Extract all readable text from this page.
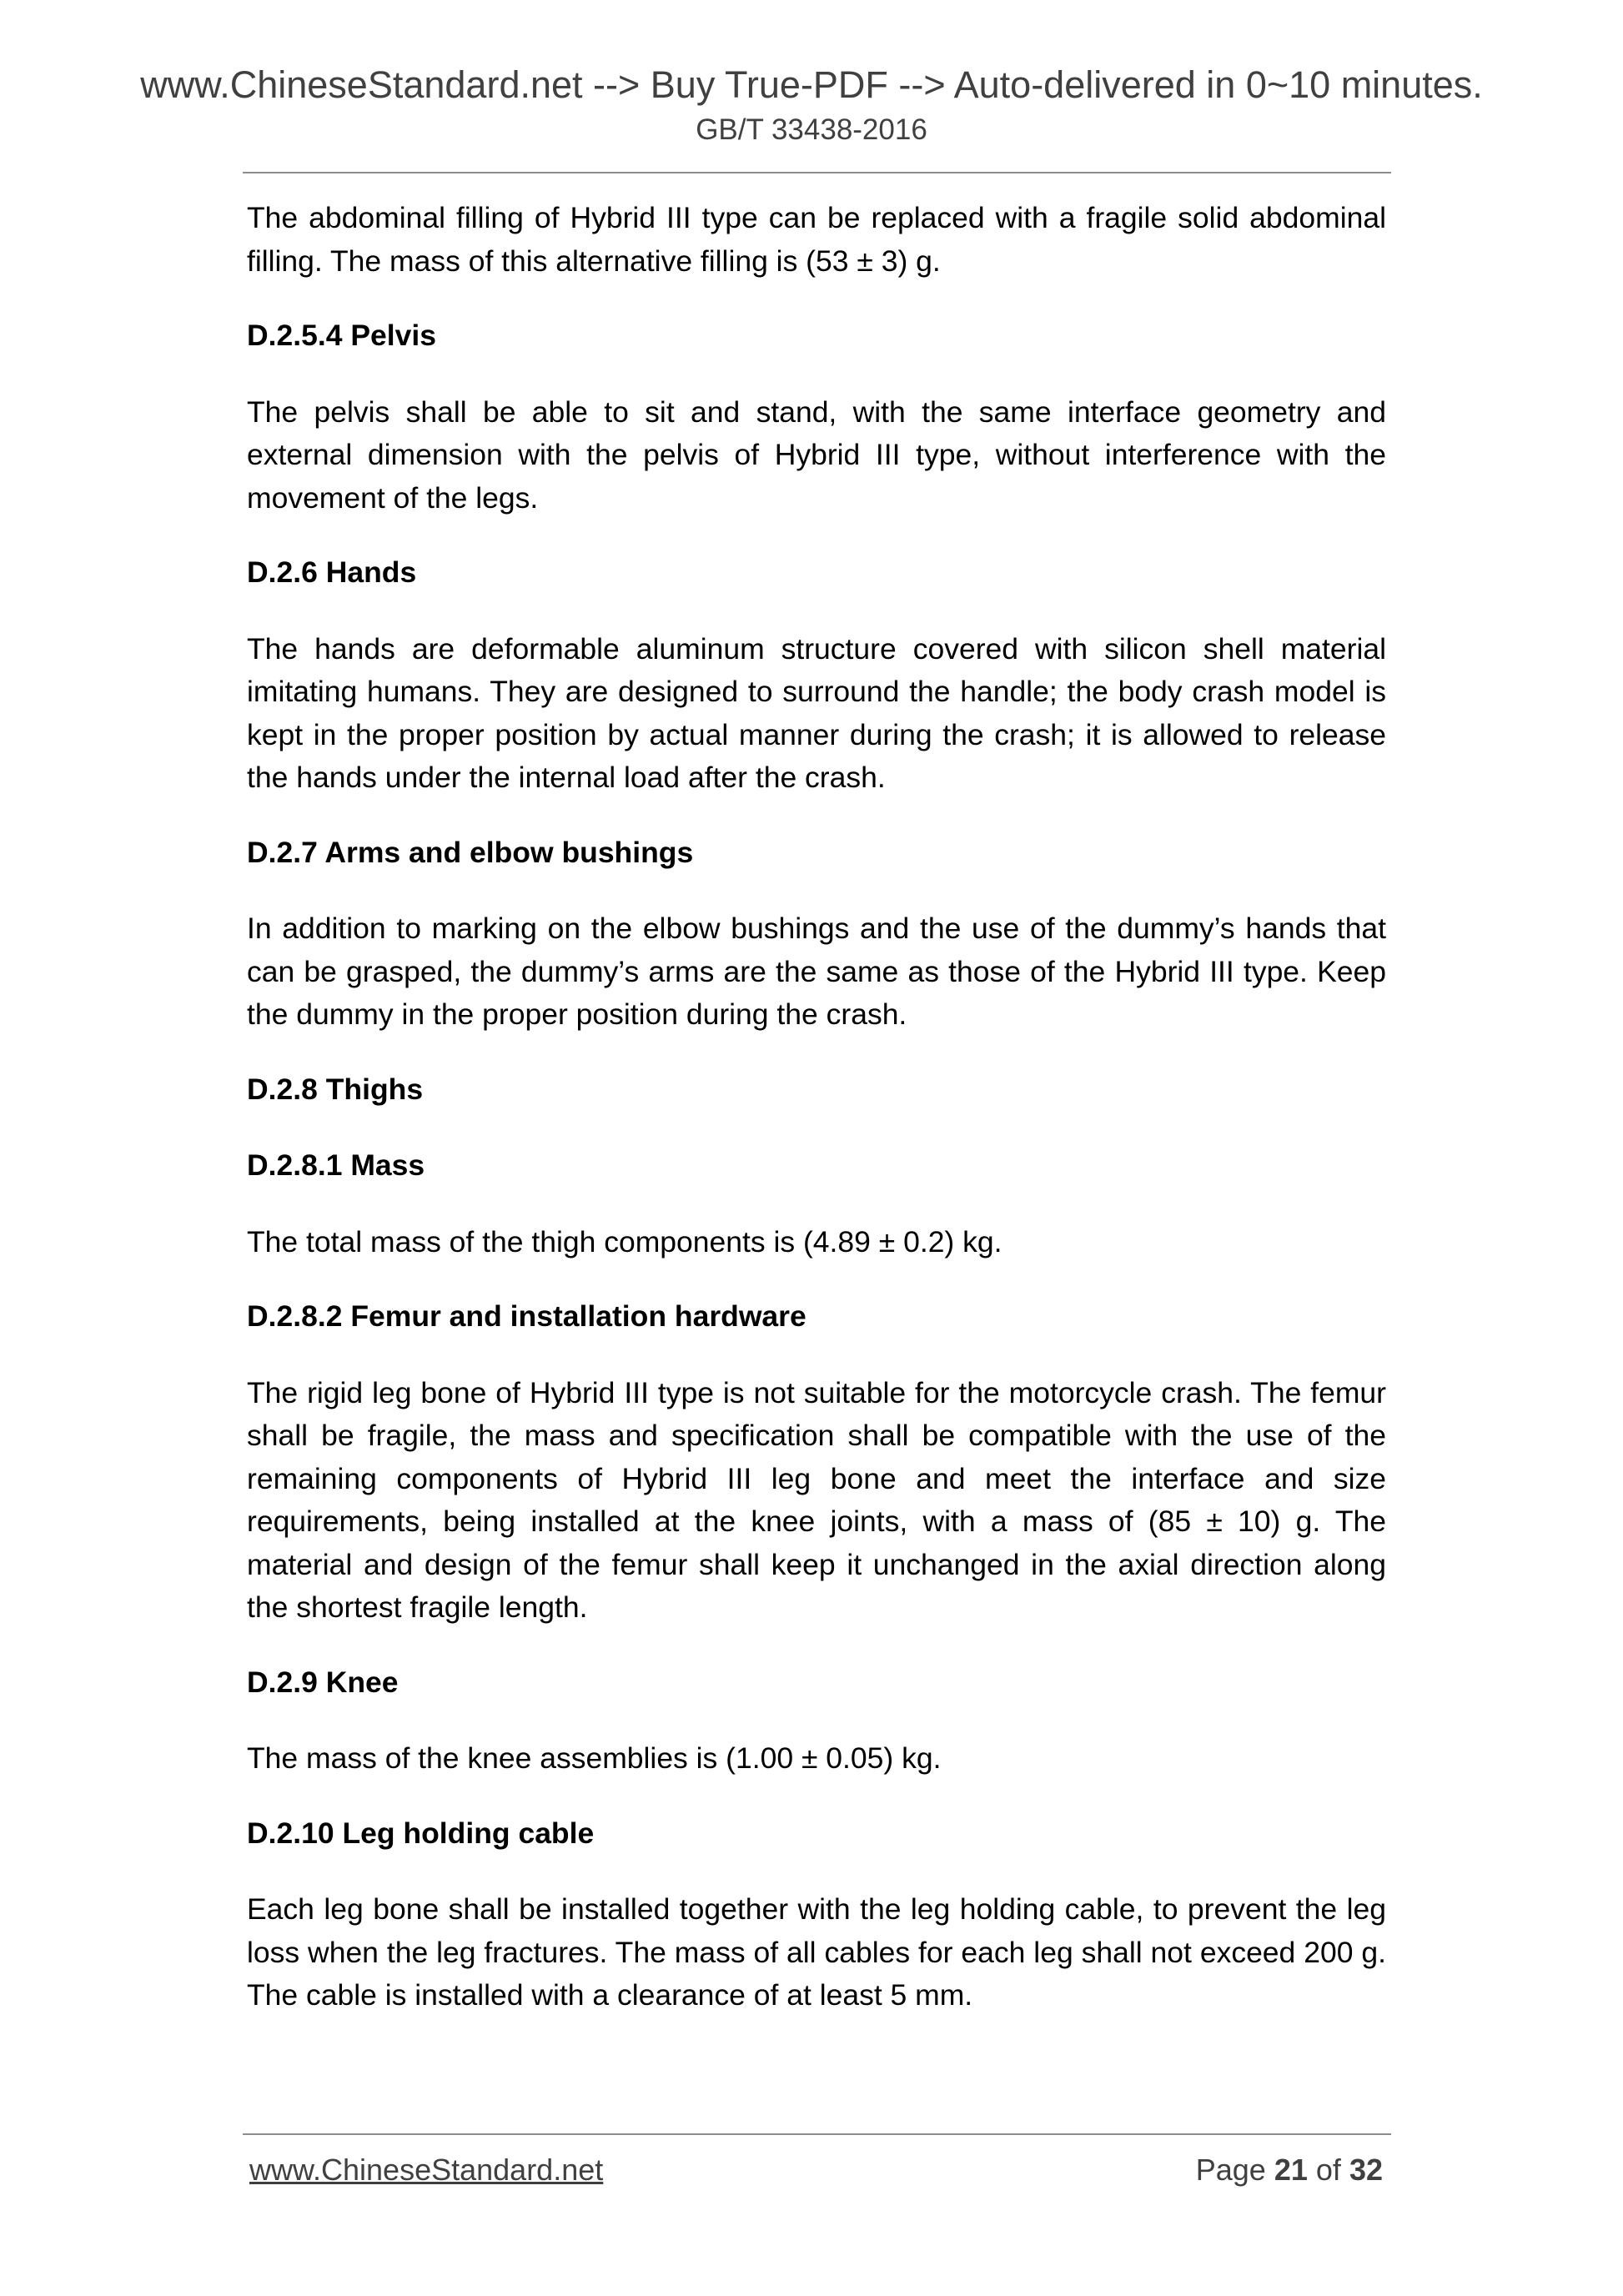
www.ChineseStandard.net --> Buy True-PDF --> Auto-delivered in 0~10 minutes.
GB/T 33438-2016

The abdominal filling of Hybrid III type can be replaced with a fragile solid abdominal filling. The mass of this alternative filling is (53 ± 3) g.

D.2.5.4 Pelvis

The pelvis shall be able to sit and stand, with the same interface geometry and external dimension with the pelvis of Hybrid III type, without interference with the movement of the legs.

D.2.6 Hands

The hands are deformable aluminum structure covered with silicon shell material imitating humans. They are designed to surround the handle; the body crash model is kept in the proper position by actual manner during the crash; it is allowed to release the hands under the internal load after the crash.

D.2.7 Arms and elbow bushings

In addition to marking on the elbow bushings and the use of the dummy’s hands that can be grasped, the dummy’s arms are the same as those of the Hybrid III type. Keep the dummy in the proper position during the crash.

D.2.8 Thighs
D.2.8.1 Mass

The total mass of the thigh components is (4.89 ± 0.2) kg.

D.2.8.2 Femur and installation hardware

The rigid leg bone of Hybrid III type is not suitable for the motorcycle crash. The femur shall be fragile, the mass and specification shall be compatible with the use of the remaining components of Hybrid III leg bone and meet the interface and size requirements, being installed at the knee joints, with a mass of (85 ± 10) g. The material and design of the femur shall keep it unchanged in the axial direction along the shortest fragile length.

D.2.9 Knee

The mass of the knee assemblies is (1.00 ± 0.05) kg.

D.2.10 Leg holding cable

Each leg bone shall be installed together with the leg holding cable, to prevent the leg loss when the leg fractures. The mass of all cables for each leg shall not exceed 200 g. The cable is installed with a clearance of at least 5 mm.

www.ChineseStandard.net	Page 21 of 32
